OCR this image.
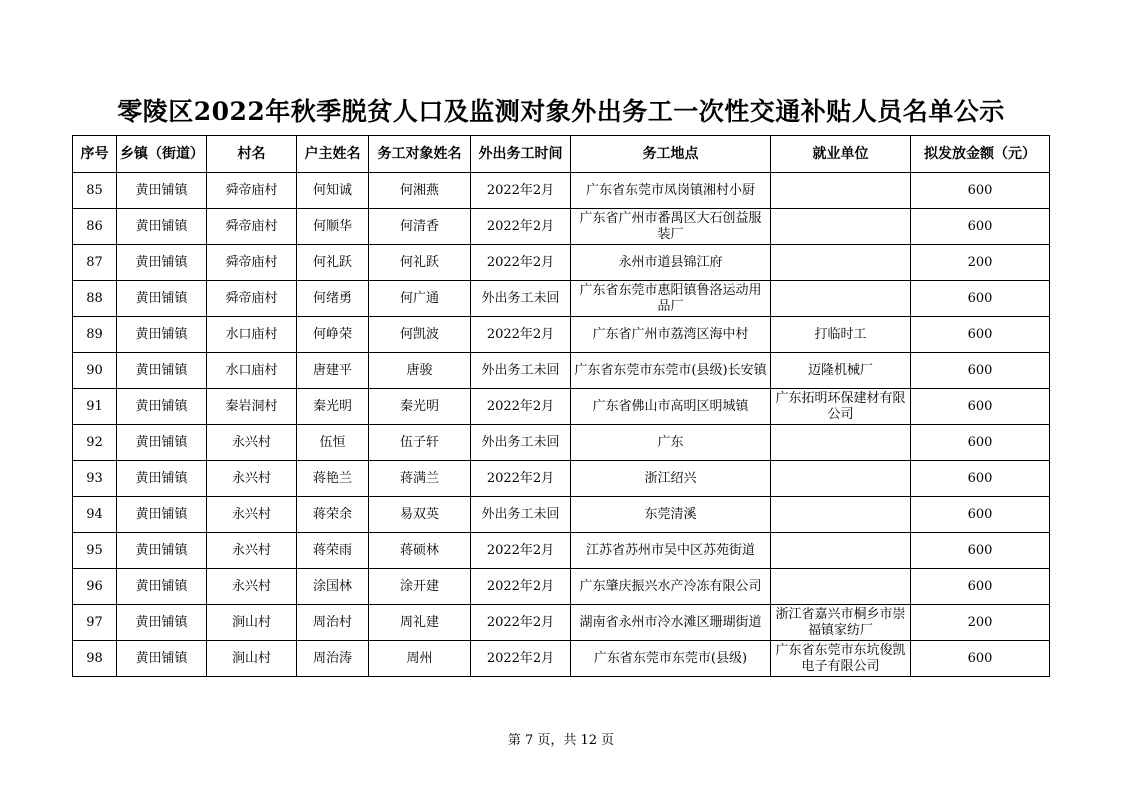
零陵区2022年秋季脱贫人口及监测对象外出务工一次性交通补贴人员名单公示
序号	乡镇（街道）	村名	户主姓名	务工对象姓名	外出务工时间	务工地点	就业单位	拟发放金额（元）
85	黄田铺镇	舜帝庙村	何知诚	何湘燕	2022年2月	广东省东莞市凤岗镇湘村小厨		600
86	黄田铺镇	舜帝庙村	何顺华	何清香	2022年2月	广东省广州市番禺区大石创益服装厂		600
87	黄田铺镇	舜帝庙村	何礼跃	何礼跃	2022年2月	永州市道县锦江府		200
88	黄田铺镇	舜帝庙村	何绪勇	何广通	外出务工未回	广东省东莞市惠阳镇鲁洛运动用品厂		600
89	黄田铺镇	水口庙村	何峥荣	何凯波	2022年2月	广东省广州市荔湾区海中村	打临时工	600
90	黄田铺镇	水口庙村	唐建平	唐骏	外出务工未回	广东省东莞市东莞市(县级)长安镇	迈隆机械厂	600
91	黄田铺镇	秦岩洞村	秦光明	秦光明	2022年2月	广东省佛山市高明区明城镇	广东拓明环保建材有限公司	600
92	黄田铺镇	永兴村	伍恒	伍子轩	外出务工未回	广东		600
93	黄田铺镇	永兴村	蒋艳兰	蒋满兰	2022年2月	浙江绍兴		600
94	黄田铺镇	永兴村	蒋荣余	易双英	外出务工未回	东莞清溪		600
95	黄田铺镇	永兴村	蒋荣雨	蒋硕林	2022年2月	江苏省苏州市吴中区苏苑街道		600
96	黄田铺镇	永兴村	涂国林	涂开建	2022年2月	广东肇庆振兴水产冷冻有限公司		600
97	黄田铺镇	涧山村	周治村	周礼建	2022年2月	湖南省永州市冷水滩区珊瑚街道	浙江省嘉兴市桐乡市崇福镇家纺厂	200
98	黄田铺镇	涧山村	周治涛	周州	2022年2月	广东省东莞市东莞市(县级)	广东省东莞市东坑俊凯电子有限公司	600
第 7 页，共 12 页
